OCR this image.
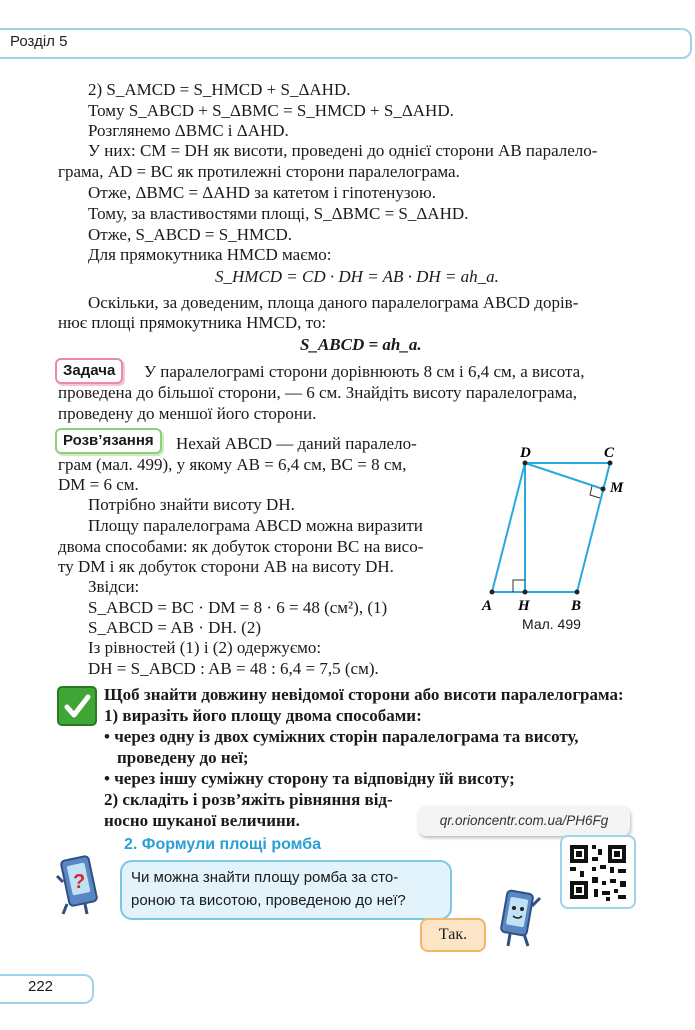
Розділ 5
2) S_AMCD = S_HMCD + S_ΔAHD.
Тому S_ABCD + S_ΔBMC = S_HMCD + S_ΔAHD.
Розглянемо ΔBMC і ΔAHD.
У них: CM = DH як висоти, проведені до однієї сторони AB паралело-
грама, AD = BC як протилежні сторони паралелограма.
Отже, ΔBMC = ΔAHD за катетом і гіпотенузою.
Тому, за властивостями площі, S_ΔBMC = S_ΔAHD.
Отже, S_ABCD = S_HMCD.
Для прямокутника HMCD маємо:
S_HMCD = CD · DH = AB · DH = ah_a.
Оскільки, за доведеним, площа даного паралелограма ABCD дорів-
нює площі прямокутника HMCD, то:
S_ABCD = ah_a.
Задача	У паралелограмі сторони дорівнюють 8 см і 6,4 см, а висота,
проведена до більшої сторони, — 6 см. Знайдіть висоту паралелограма,
проведену до меншої його сторони.
Розв’язання	Нехай ABCD — даний паралело-
грам (мал. 499), у якому AB = 6,4 см, BC = 8 см,
DM = 6 см.
Потрібно знайти висоту DH.
Площу паралелограма ABCD можна виразити
двома способами: як добуток сторони BC на висо-
ту DM і як добуток сторони AB на висоту DH.
Звідси:
S_ABCD = BC · DM = 8 · 6 = 48 (см²), (1)
S_ABCD = AB · DH. (2)
Із рівностей (1) і (2) одержуємо:
DH = S_ABCD : AB = 48 : 6,4 = 7,5 (см).
A H	B
D	C
M
Мал. 499
Щоб знайти довжину невідомої сторони або висоти паралелограма:
1) виразіть його площу двома способами:
• через одну із двох суміжних сторін паралелограма та висоту,
проведену до неї;
• через іншу суміжну сторону та відповідну їй висоту;
2) складіть і розв’яжіть рівняння від-
носно шуканої величини.	qr.orioncentr.com.ua/PH6Fg
2. Формули площі ромба
?	Чи можна знайти площу ромба за сто-
роною та висотою, проведеною до неї?
Так.
222
